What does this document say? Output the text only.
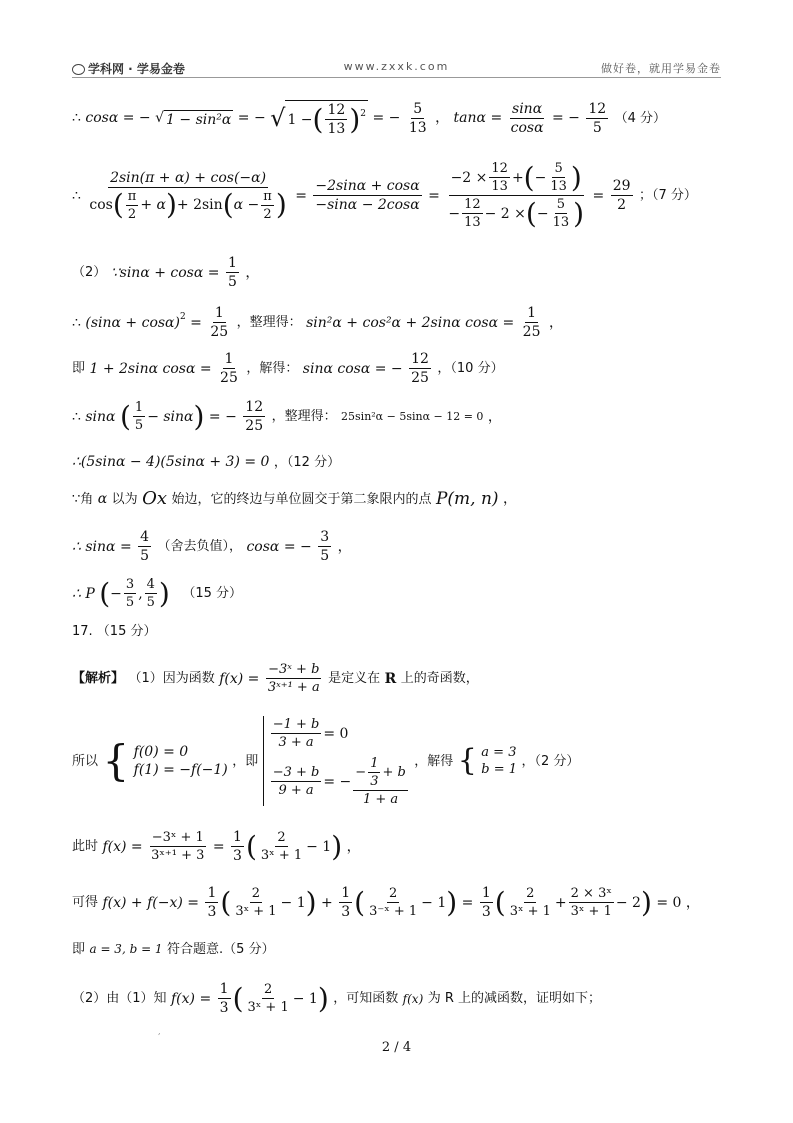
学科网 · 学易金卷	www.zxxk.com	做好卷，就用学易金卷
∴ cosα = − √ 1 − sin²α = − √ 1 −( $\frac{12}{13} )2$ = − $\frac{5}{13}$ ， $\tan\alpha = \frac{\sin\alpha}{\cos\alpha}$ = − $\frac{12}{5} (4$ 分）
∴ $\frac{2\sin(\pi + \alpha) + \cos(-\alpha)}{\cos( \frac{\pi}{2} + \alpha)+ 2\sin(\alpha - \frac{\pi}{2} )} = \frac{-2\sin\alpha + \cos\alpha}{-\sin\alpha - 2\cos\alpha} = \frac{-2 \times \frac{12}{13} +(- \frac{5}{13} )}{- \frac{12}{13} - 2 \times(- \frac{5}{13} )} = \frac{29}{2}$ ；（7 分）
（2） ∵sinα + $\cos\alpha = \frac{1}{5}$ ，
∴ $(\sin\alpha + \cos\alpha)2 = \frac{1}{25}$ ，整理得： sin²α + cos²α + 2sinα $\cos\alpha = \frac{1}{25}$ ，
即 1 + 2sinα $\cos\alpha = \frac{1}{25}$ ，解得： sinα cosα = − $\frac{12}{25}$ ，（10 分）
∴ sinα ( $\frac{1}{5} - \sin\alpha$) = − $\frac{12}{25}$ ，整理得： 25sin²α − 5sinα − 12 = 0 ，
∴(5sinα − 4)(5sinα + 3) = 0 ，（12 分）
∵角 α 以为 Ox 始边，它的终边与单位圆交于第二象限内的点 P(m, n) ，
∴ $\sin\alpha = \frac{4}{5}$ （舍去负值）， cosα = − $\frac{3}{5}$ ，
∴ P (− $\frac{3}{5}$ , $\frac{4}{5}$ ) （15 分）
17. （15 分）
【解析】 （1）因为函数 $f(x) = \frac{\text{−3ˣ + b}}{\text{3ˣ⁺¹ + a}}$ 是定义在 R 上的奇函数，
所以 { f(0) = 0
f(1) = −f(−1)
，即
$\frac{-1 + b}{3 + a} = 0$
$\frac{-3 + b}{9 + a}$ = − $\frac{- \frac{1}{3} + b}{1 + a}$ ，解得 { a = 3
b = 1
，（2 分）
此时 $f(x) = \frac{\text{−3ˣ + 1}}{\text{3ˣ⁺¹ + 3}} = \frac{1}{3}$ ( $\frac{2}{\text{3ˣ + 1}} - 1$) ，
可得 $f(x) + f(-x) = \frac{1}{3}$ ( $\frac{2}{\text{3ˣ + 1}} - 1) + \frac{1}{3}$ ( $\frac{2}{\text{3⁻ˣ + 1}} - 1) = \frac{1}{3}$ ( $\frac{2}{\text{3ˣ + 1}} + \frac{\text{2 × 3ˣ}}{\text{3ˣ + 1}} - 2) = 0$ ，
即 a = 3, b = 1 符合题意.（5 分）
（2）由（1）知 $f(x) = \frac{1}{3}$ ( $\frac{2}{\text{3ˣ + 1}} - 1$) ，可知函数 f(x) 为 R 上的减函数，证明如下；
,
2 / 4
